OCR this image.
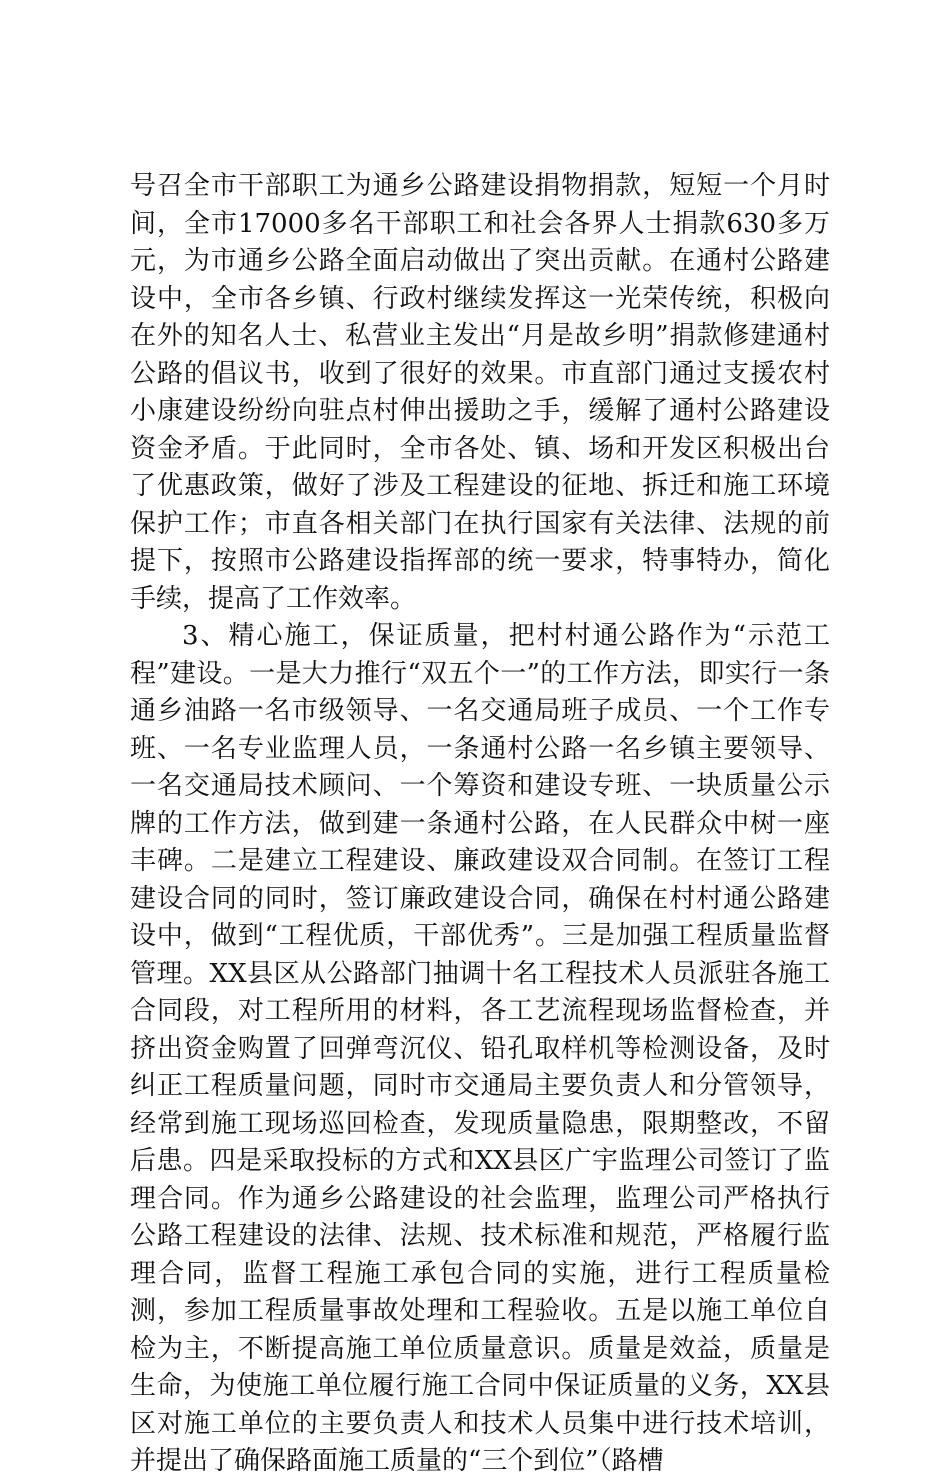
号召全市干部职工为通乡公路建设捐物捐款，短短一个月时间，全市17000多名干部职工和社会各界人士捐款630多万元，为市通乡公路全面启动做出了突出贡献。在通村公路建设中，全市各乡镇、行政村继续发挥这一光荣传统，积极向在外的知名人士、私营业主发出“月是故乡明”捐款修建通村公路的倡议书，收到了很好的效果。市直部门通过支援农村小康建设纷纷向驻点村伸出援助之手，缓解了通村公路建设资金矛盾。于此同时，全市各处、镇、场和开发区积极出台了优惠政策，做好了涉及工程建设的征地、拆迁和施工环境保护工作；市直各相关部门在执行国家有关法律、法规的前提下，按照市公路建设指挥部的统一要求，特事特办，简化手续，提高了工作效率。

3、精心施工，保证质量，把村村通公路作为“示范工程”建设。一是大力推行“双五个一”的工作方法，即实行一条通乡油路一名市级领导、一名交通局班子成员、一个工作专班、一名专业监理人员，一条通村公路一名乡镇主要领导、一名交通局技术顾问、一个筹资和建设专班、一块质量公示牌的工作方法，做到建一条通村公路，在人民群众中树一座丰碑。二是建立工程建设、廉政建设双合同制。在签订工程建设合同的同时，签订廉政建设合同，确保在村村通公路建设中，做到“工程优质，干部优秀”。三是加强工程质量监督管理。XX县区从公路部门抽调十名工程技术人员派驻各施工合同段，对工程所用的材料，各工艺流程现场监督检查，并挤出资金购置了回弹弯沉仪、铅孔取样机等检测设备，及时纠正工程质量问题，同时市交通局主要负责人和分管领导，经常到施工现场巡回检查，发现质量隐患，限期整改，不留后患。四是采取投标的方式和XX县区广宇监理公司签订了监理合同。作为通乡公路建设的社会监理，监理公司严格执行公路工程建设的法律、法规、技术标准和规范，严格履行监理合同，监督工程施工承包合同的实施，进行工程质量检测，参加工程质量事故处理和工程验收。五是以施工单位自检为主，不断提高施工单位质量意识。质量是效益，质量是生命，为使施工单位履行施工合同中保证质量的义务，XX县区对施工单位的主要负责人和技术人员集中进行技术培训，并提出了确保路面施工质量的“三个到位”（路槽
